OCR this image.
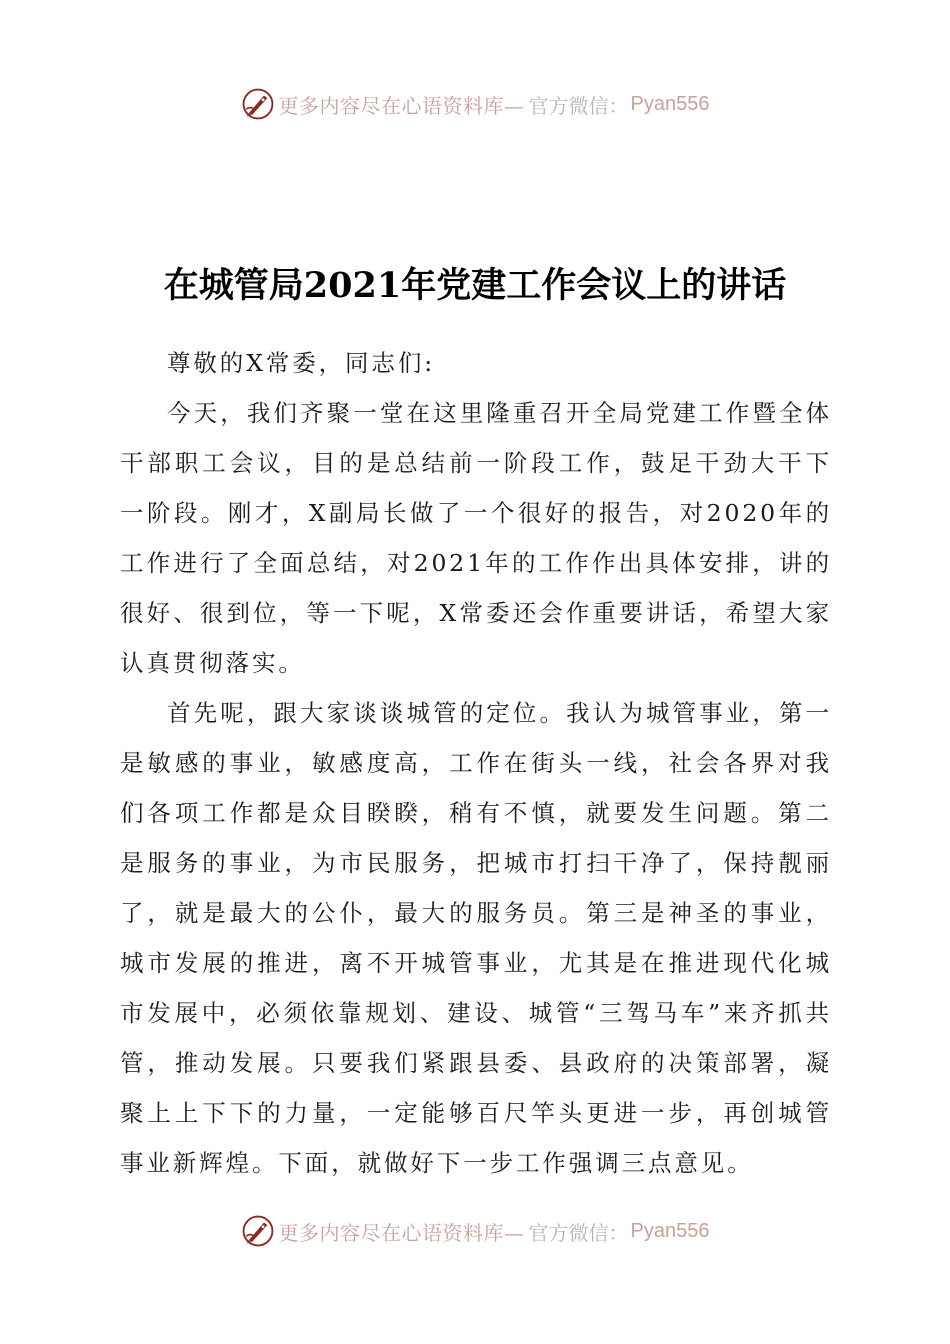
更多内容尽在心语资料库— 官方微信： Pyan556
在城管局2021年党建工作会议上的讲话

尊敬的X常委，同志们:

今天，我们齐聚一堂在这里隆重召开全局党建工作暨全体干部职工会议，目的是总结前一阶段工作，鼓足干劲大干下一阶段。刚才，X副局长做了一个很好的报告，对2020年的工作进行了全面总结，对2021年的工作作出具体安排，讲的很好、很到位，等一下呢，X常委还会作重要讲话，希望大家认真贯彻落实。

首先呢，跟大家谈谈城管的定位。我认为城管事业，第一是敏感的事业，敏感度高，工作在街头一线，社会各界对我们各项工作都是众目睽睽，稍有不慎，就要发生问题。第二是服务的事业，为市民服务，把城市打扫干净了，保持靓丽了，就是最大的公仆，最大的服务员。第三是神圣的事业，城市发展的推进，离不开城管事业，尤其是在推进现代化城市发展中，必须依靠规划、建设、城管“三驾马车”来齐抓共管，推动发展。只要我们紧跟县委、县政府的决策部署，凝聚上上下下的力量，一定能够百尺竿头更进一步，再创城管事业新辉煌。下面，就做好下一步工作强调三点意见。

更多内容尽在心语资料库— 官方微信： Pyan556
